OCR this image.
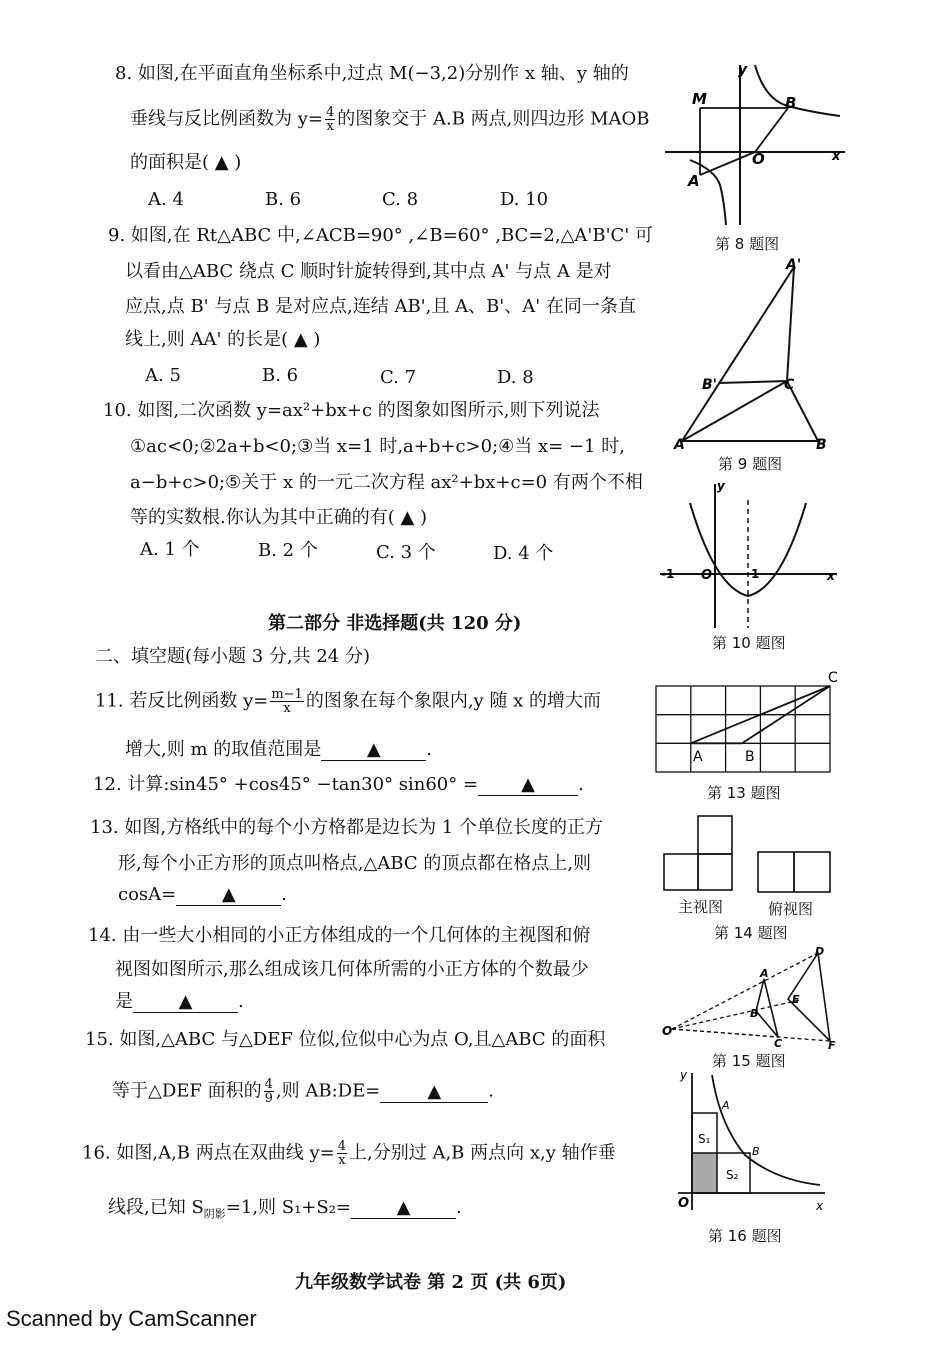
8. 如图,在平面直角坐标系中,过点 M(−3,2)分别作 x 轴、y 轴的
垂线与反比例函数为 $y= \frac{4}{x}$ 的图象交于 A.B 两点,则四边形 MAOB
的面积是( ▲ )
A. 4	B. 6	C. 8	D. 10
9. 如图,在 Rt△ABC 中,∠ACB=90° ,∠B=60° ,BC=2,△A'B'C' 可
以看由△ABC 绕点 C 顺时针旋转得到,其中点 A' 与点 A 是对
应点,点 B' 与点 B 是对应点,连结 AB',且 A、B'、A' 在同一条直
线上,则 AA' 的长是( ▲ )
A. 5	B. 6	C. 7	D. 8
10. 如图,二次函数 y=ax²+bx+c 的图象如图所示,则下列说法
①ac<0;②2a+b<0;③当 x=1 时,a+b+c>0;④当 x= −1 时,
a−b+c>0;⑤关于 x 的一元二次方程 ax²+bx+c=0 有两个不相
等的实数根.你认为其中正确的有( ▲ )
A. 1 个	B. 2 个	C. 3 个	D. 4 个
第二部分 非选择题(共 120 分)
二、填空题(每小题 3 分,共 24 分)
11. 若反比例函数 $y= \frac{m-1}{x}$ 的图象在每个象限内,y 随 x 的增大而
增大,则 m 的取值范围是	▲	.
12. 计算:sin45° +cos45° −tan30° sin60° = ▲ .
13. 如图,方格纸中的每个小方格都是边长为 1 个单位长度的正方
形,每个小正方形的顶点叫格点,△ABC 的顶点都在格点上,则
cosA=	▲	.
14. 由一些大小相同的小正方体组成的一个几何体的主视图和俯
视图如图所示,那么组成该几何体所需的小正方体的个数最少
是	▲	.
15. 如图,△ABC 与△DEF 位似,位似中心为点 O,且△ABC 的面积
等于△DEF 面积的 $\frac{4}{9}$ ,则 AB:DE=	▲	.
16. 如图,A,B 两点在双曲线 $y= \frac{4}{x}$ 上,分别过 A,B 两点向 x,y 轴作垂
线段,已知 $S_{阴影}=1$,则 S₁+S₂=	▲	.
y
x
M	B
O
A
第 8 题图
A'
B'	C
A	B
第 9 题图
y
x
-1 O	1
第 10 题图
A	B
C
第 13 题图
主视图	俯视图
第 14 题图
O
A
B
C
D
E
F
第 15 题图
y
x
O
A
B
S₁
S₂
第 16 题图
九年级数学试卷 第 2 页 (共 6页)
Scanned by CamScanner
